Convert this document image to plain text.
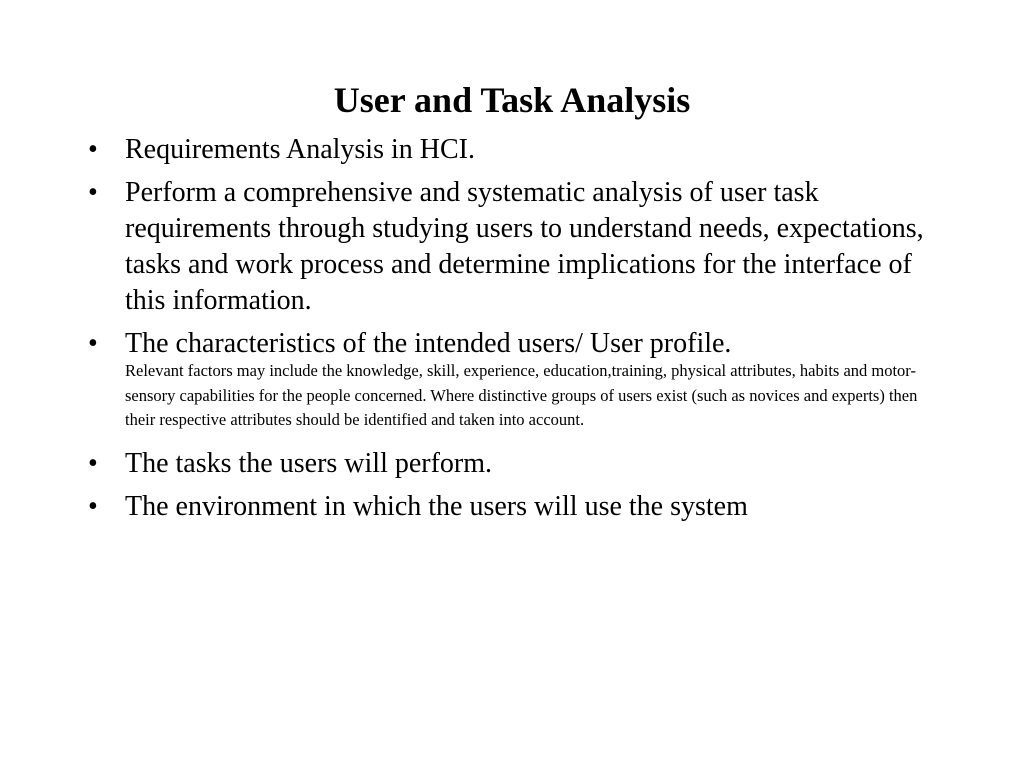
User and Task Analysis
• Requirements Analysis in HCI.
• Perform a comprehensive and systematic analysis of user task requirements through studying users to understand needs, expectations, tasks and work process and determine implications for the interface of this information.
• The characteristics of the intended users/ User profile.
Relevant factors may include the knowledge, skill, experience, education,training, physical attributes, habits and motor-sensory capabilities for the people concerned. Where distinctive groups of users exist (such as novices and experts) then their respective attributes should be identified and taken into account.
• The tasks the users will perform.
• The environment in which the users will use the system
